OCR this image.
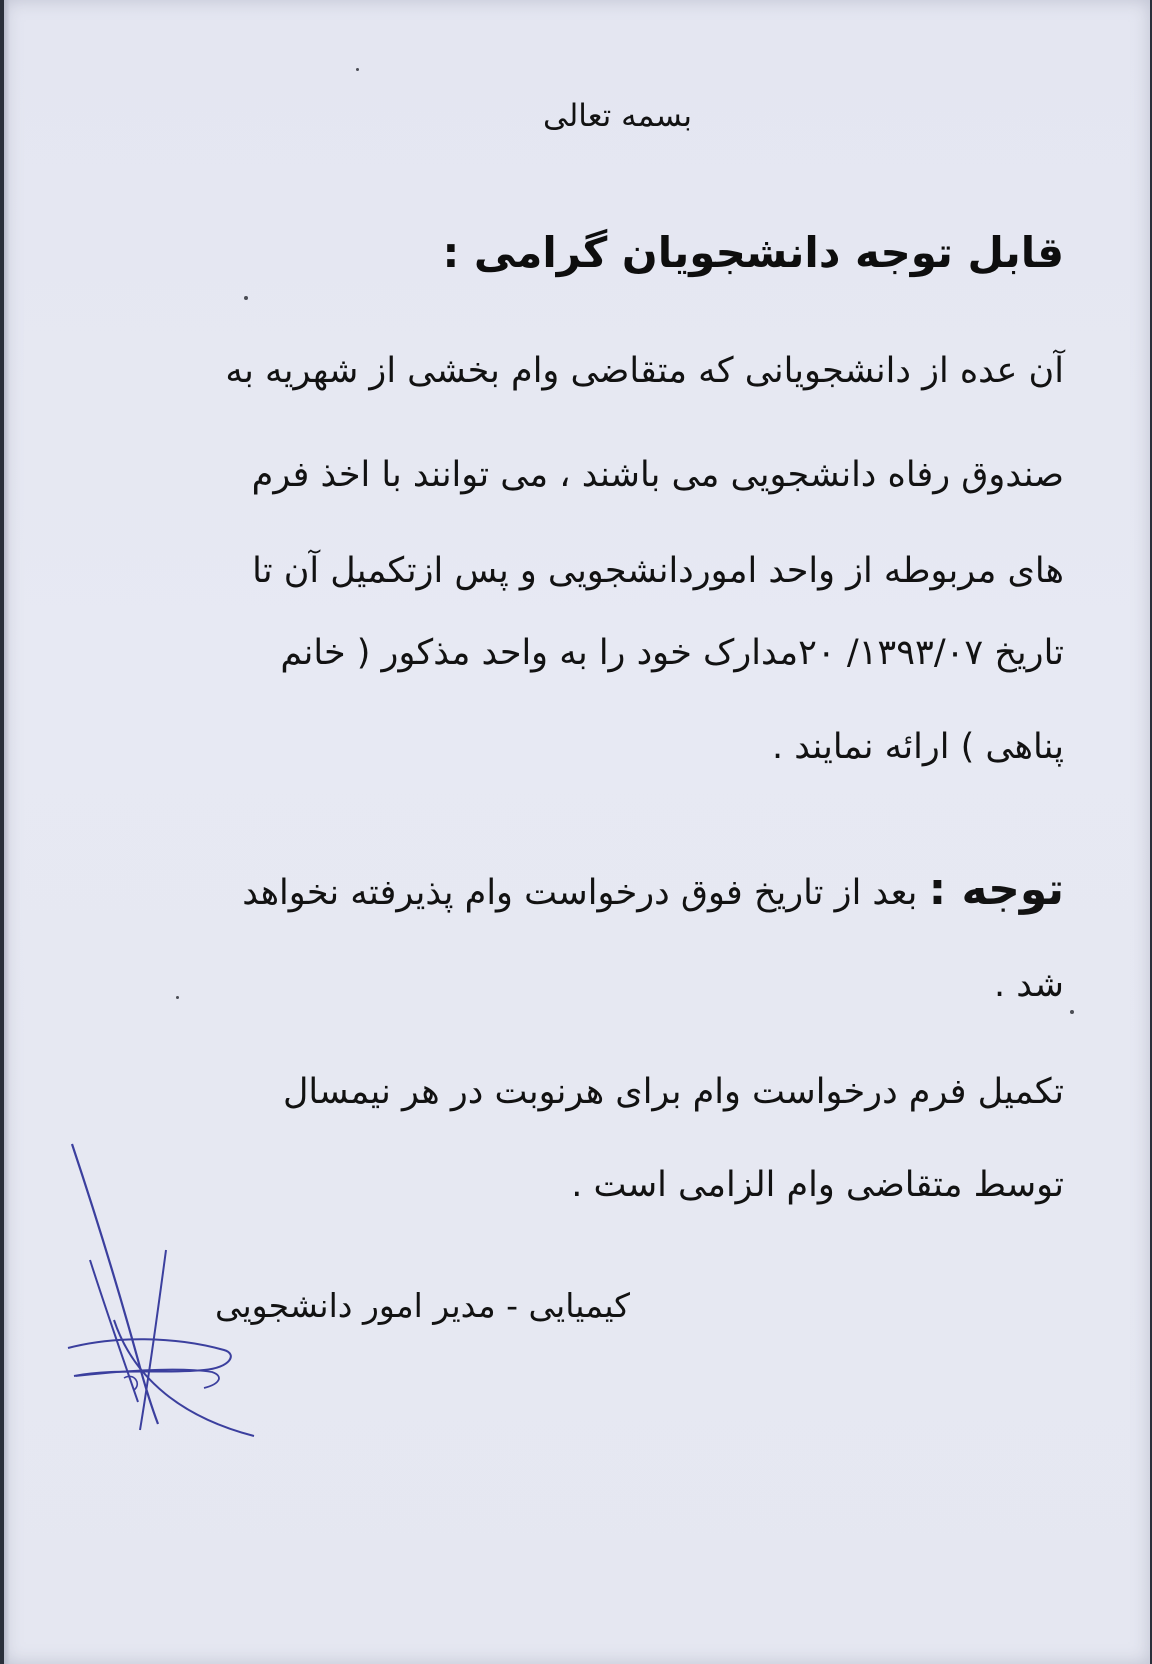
بسمه تعالی
قابل توجه دانشجویان گرامی :
آن عده از دانشجویانی که متقاضی وام بخشی از شهریه به
صندوق رفاه دانشجویی می باشند ، می توانند با اخذ فرم
های مربوطه از واحد اموردانشجویی و پس ازتکمیل آن تا
تاریخ ۱۳۹۳/۰۷/ ۲۰مدارک خود را به واحد مذکور ( خانم
پناهی ) ارائه نمایند .
توجه : بعد از تاریخ فوق درخواست وام پذیرفته نخواهد
شد .
تکمیل فرم درخواست وام برای هرنوبت در هر نیمسال
توسط متقاضی وام الزامی است .
کیمیایی - مدیر امور دانشجویی
